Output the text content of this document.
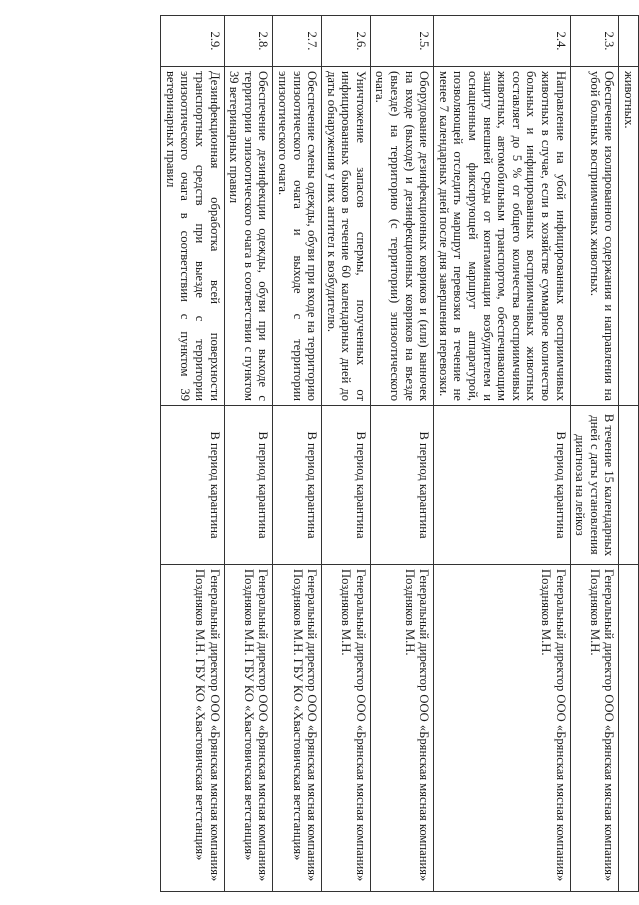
	животных.		
2.3.	Обеспечение изолированного содержания и направления на убой больных восприимчивых животных.	В течение 15 календарных дней с даты установления диагноза на лейкоз	Генеральный директор ООО «Брянская мясная компания» Поздняков М.Н.
2.4.	Направление на убой инфицированных восприимчивых животных в случае, если в хозяйстве суммарное количество больных и инфицированных восприимчивых животных составляет до 5 % от общего количества восприимчивых животных, автомобильным транспортом, обеспечивающим защиту внешней среды от контаминации возбудителем и оснащенным фиксирующей маршрут аппаратурой, позволяющей отследить маршрут перевозки в течение не менее 7 календарных дней после дня завершения перевозки.	В период карантина	Генеральный директор ООО «Брянская мясная компания» Поздняков М.Н.
2.5.	Оборудование дезинфекционных ковриков и (или) ванночек на входе (выходе) и дезинфекционных ковриков на въезде (выезде) на территорию (с территории) эпизоотического очага.	В период карантина	Генеральный директор ООО «Брянская мясная компания» Поздняков М.Н.
2.6.	Уничтожение запасов спермы, полученных от инфицированных быков в течение 60 календарных дней до даты обнаружения у них антител к возбудителю.	В период карантина	Генеральный директор ООО «Брянская мясная компания» Поздняков М.Н.
2.7.	Обеспечение смены одежды, обуви при входе на территорию эпизоотического очага и выходе с территории эпизоотического очага.	В период карантина	Генеральный директор ООО «Брянская мясная компания» Поздняков М.Н. ГБУ КО «Хвастовичская ветстанция»
2.8.	Обеспечение дезинфекции одежды, обуви при выходе с территории эпизоотического очага в соответствии с пунктом 39 ветеринарных правил	В период карантина	Генеральный директор ООО «Брянская мясная компания» Поздняков М.Н. ГБУ КО «Хвастовичская ветстанция»
2.9.	Дезинфекционная обработка всей поверхности транспортных средств при выезде с территории эпизоотического очага в соответствии с пунктом 39 ветеринарных правил	В период карантина	Генеральный директор ООО «Брянская мясная компания» Поздняков М.Н. ГБУ КО «Хвастовичская ветстанция»
